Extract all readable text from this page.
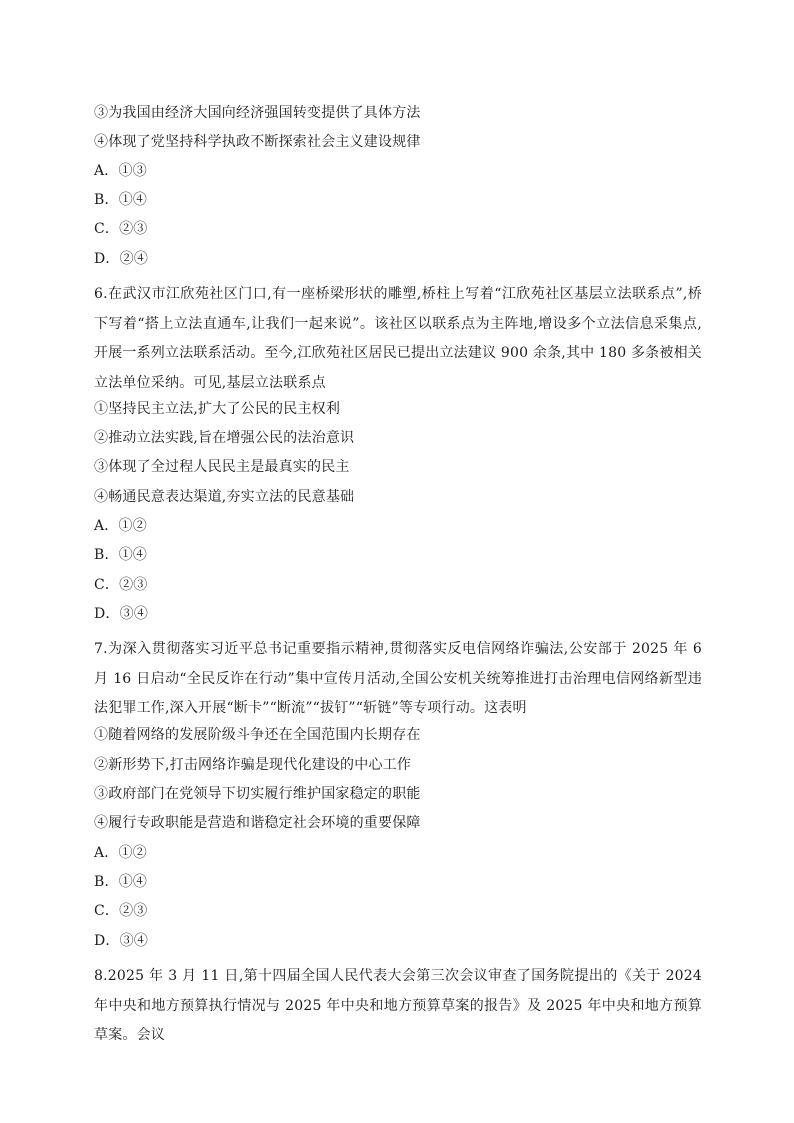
③为我国由经济大国向经济强国转变提供了具体方法
④体现了党坚持科学执政不断探索社会主义建设规律
A．①③
B．①④
C．②③
D．②④
6.在武汉市江欣苑社区门口,有一座桥梁形状的雕塑,桥柱上写着“江欣苑社区基层立法联系点”,桥下写着“搭上立法直通车,让我们一起来说”。该社区以联系点为主阵地,增设多个立法信息采集点,开展一系列立法联系活动。至今,江欣苑社区居民已提出立法建议 900 余条,其中 180 多条被相关立法单位采纳。可见,基层立法联系点
①坚持民主立法,扩大了公民的民主权利
②推动立法实践,旨在增强公民的法治意识
③体现了全过程人民民主是最真实的民主
④畅通民意表达渠道,夯实立法的民意基础
A．①②
B．①④
C．②③
D．③④
7.为深入贯彻落实习近平总书记重要指示精神,贯彻落实反电信网络诈骗法,公安部于 2025 年 6 月 16 日启动“全民反诈在行动”集中宣传月活动,全国公安机关统筹推进打击治理电信网络新型违法犯罪工作,深入开展“断卡”“断流”“拔钉”“斩链”等专项行动。这表明
①随着网络的发展阶级斗争还在全国范围内长期存在
②新形势下,打击网络诈骗是现代化建设的中心工作
③政府部门在党领导下切实履行维护国家稳定的职能
④履行专政职能是营造和谐稳定社会环境的重要保障
A．①②
B．①④
C．②③
D．③④
8.2025 年 3 月 11 日,第十四届全国人民代表大会第三次会议审查了国务院提出的《关于 2024 年中央和地方预算执行情况与 2025 年中央和地方预算草案的报告》及 2025 年中央和地方预算草案。会议
